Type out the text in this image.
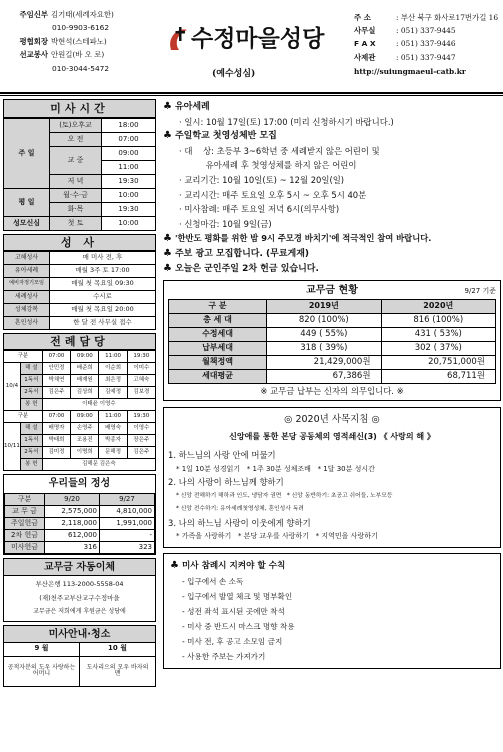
주임신부 김기태(세례자요한)
010-9903-6162
평협회장 박현석(스테파노)
선교봉사 안원길(바 오 로)
010-3044-5472
수정마을성당
(예수성심)
주 소	: 부산 북구 화사로17번가길 16
사무실	: 051) 337-9445
F A X	: 051) 337-9446
사제관	: 051) 337-9447
http://suiungmaeul-catb.kr
미사시간
주 일	(토)오후교	18:00
	오 전	07:00
	교 중	09:00
		11:00
	저 녁	19:30
평 일	월·수·금	10:00
	화·목	19:30
성모신심	첫 토	10:00
성 사
고해성사	매 미사 전, 후
유아세례	매월 3주 토 17:00
예비자정기모임	매월 첫 목요일 09:30
세례성사	수시로
성체강복	매월 첫 목요일 20:00
혼인성사	한 달 전 사무실 접수
전례담당
구분		07:00	09:00	11:00	19:30
10/4	해 설	안민정	배준희	이순희	이미수
	1독서	박채연	배재원	최은정	고혜숙
	2독서	김은주	김상희	김예정	김보경
	봉 헌	이태윤 이영수			
구분		07:00	09:00	11:00	19:30
10/11	해 설	배명자	손영주	배영숙	이영수
	1독서	박태희	조용진	박종자	장은주
	2독서	김미정	이명희	문해정	김은주
	봉 헌	김해문 김은숙			
우리들의 정성
구분	9/20	9/27
교 무 금	2,575,000	4,810,000
주일헌금	2,118,000	1,991,000
2차 헌금	612,000	-
미사헌금	316	323
교무금 자동이체
부산은행 113-2000-5558-04
(재)천주교부산교구수정마을
교무금은 저희에게 후원금은 성당에
미사안내·청소
9 월	10 월
공적자분의 도우 사랑하는 어머니	도사리으의 모우 바자의 맨
♣ 유아세례
· 일시: 10월 17일(토) 17:00 (미리 신청하시기 바랍니다.)
♣ 주일학교 첫영성체반 모집
· 대    상: 초등부 3~6학년 중 세례받지 않은 어린이 및
유아세례 후 첫영성체를 하지 않은 어린이
· 교리기간: 10월 10일(토) ~ 12월 20일(일)
· 교리시간: 매주 토요일 오후 5시 ~ 오후 5시 40분
· 미사참례: 매주 토요일 저녁 6시(의무사항)
· 신청마감: 10월 9일(금)
♣ '한반도 평화를 위한 밤 9시 주모경 바치기'에 적극적인 참여 바랍니다.
♣ 주보 광고 모집합니다. (무료게재)
♣ 오늘은 군인주일 2차 헌금 있습니다.
교무금 현황	9/27 기준
구 분	2019년	2020년
총 세 대	820 (100%)	816 (100%)
수정세대	449 ( 55%)	431 ( 53%)
납부세대	318 ( 39%)	302 ( 37%)
월책정액	21,429,000원	20,751,000원
세대평균	67,386원	68,711원
※ 교무금 납부는 신자의 의무입니다. ※
◎ 2020년 사목지침 ◎
신앙애를 통한 본당 공동체의 영적쇄신(3) 《 사랑의 해 》
1. 하느님의 사랑 안에 머물기
* 1일 10분 성경읽기   * 1주 30분 성체조배   * 1달 30분 성시간
2. 나의 사랑이 하느님께 향하기
* 신앙 전해하기 해하과 인도, 냉담자 권면   * 신앙 동반하기: 초공고 쉬어들, 노부모등
* 신앙 전수하기: 유아세례첫영성체, 혼인성사 독려
3. 나의 하느님 사랑이 이웃에게 향하기
* 가족을 사랑하기   * 본당 교우를 사랑하기   * 지역민을 사랑하기
♣ 미사 참례시 지켜야 할 수칙
- 입구에서 손 소독
- 입구에서 발열 체크 및 명부확인
- 성전 좌석 표시된 곳에만 착석
- 미사 중 반드시 마스크 명향 착용
- 미사 전, 후 공고 소모임 금지
- 사용한 주보는 가져가기
